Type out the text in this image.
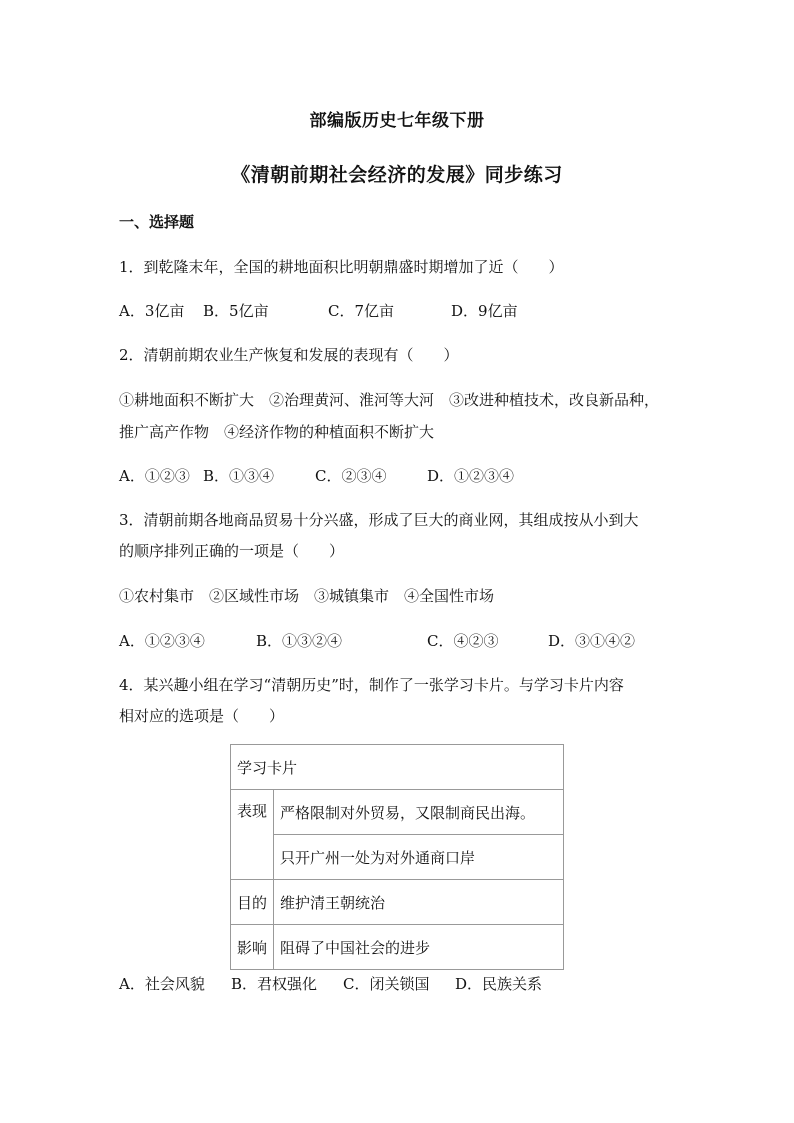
部编版历史七年级下册
《清朝前期社会经济的发展》同步练习
一、选择题
1．到乾隆末年，全国的耕地面积比明朝鼎盛时期增加了近（　　）
A．3亿亩 B．5亿亩	C．7亿亩	D．9亿亩
2．清朝前期农业生产恢复和发展的表现有（　　）
①耕地面积不断扩大　②治理黄河、淮河等大河　③改进种植技术，改良新品种，
推广高产作物　④经济作物的种植面积不断扩大
A．①②③ B．①③④	C．②③④	D．①②③④
3．清朝前期各地商品贸易十分兴盛，形成了巨大的商业网，其组成按从小到大
的顺序排列正确的一项是（　　）
①农村集市　②区域性市场　③城镇集市　④全国性市场
A．①②③④	B．①③②④	C．④②③	D．③①④②
4．某兴趣小组在学习“清朝历史”时，制作了一张学习卡片。与学习卡片内容
相对应的选项是（　　）
学习卡片	
表现	严格限制对外贸易，又限制商民出海。
	只开广州一处为对外通商口岸
目的	维护清王朝统治
影响	阻碍了中国社会的进步
A．社会风貌 B．君权强化 C．闭关锁国 D．民族关系
